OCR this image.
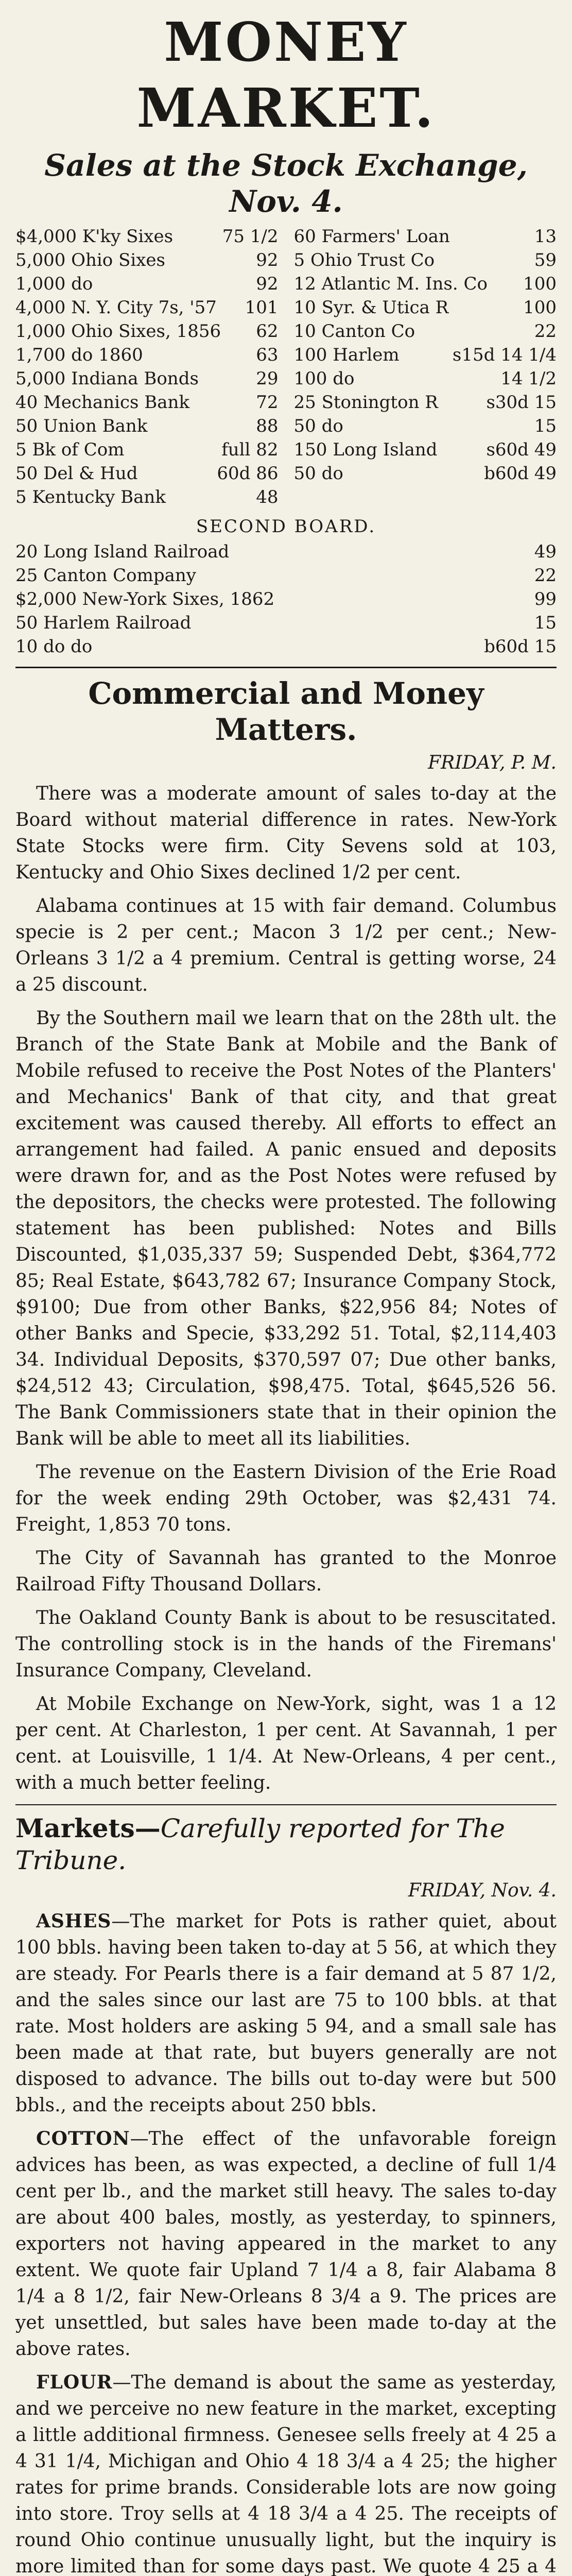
MONEY MARKET.
Sales at the Stock Exchange, Nov. 4.
$4,000 K'ky Sixes	75 1/2
5,000 Ohio Sixes	92
1,000 do	92
4,000 N. Y. City 7s, '57 101
1,000 Ohio Sixes, 1856 62
1,700 do 1860	63
5,000 Indiana Bonds	29
40 Mechanics Bank	72
50 Union Bank	88
5 Bk of Com	full 82
50 Del & Hud	60d 86
5 Kentucky Bank	48
60 Farmers' Loan	13
5 Ohio Trust Co	59
12 Atlantic M. Ins. Co 100
10 Syr. & Utica R	100
10 Canton Co	22
100 Harlem	s15d 14 1/4
100 do	14 1/2
25 Stonington R	s30d 15
50 do	15
150 Long Island	s60d 49
50 do	b60d 49
SECOND BOARD.
20 Long Island Railroad	49
25 Canton Company	22
$2,000 New-York Sixes, 1862	99
50 Harlem Railroad	15
10 do do	b60d 15
Commercial and Money Matters.
FRIDAY, P. M.

There was a moderate amount of sales to-day at the Board without material difference in rates. New-York State Stocks were firm. City Sevens sold at 103, Kentucky and Ohio Sixes declined 1/2 per cent.

Alabama continues at 15 with fair demand. Columbus specie is 2 per cent.; Macon 3 1/2 per cent.; New-Orleans 3 1/2 a 4 premium. Central is getting worse, 24 a 25 discount.

By the Southern mail we learn that on the 28th ult. the Branch of the State Bank at Mobile and the Bank of Mobile refused to receive the Post Notes of the Planters' and Mechanics' Bank of that city, and that great excitement was caused thereby. All efforts to effect an arrangement had failed. A panic ensued and deposits were drawn for, and as the Post Notes were refused by the depositors, the checks were protested. The following statement has been published: Notes and Bills Discounted, $1,035,337 59; Suspended Debt, $364,772 85; Real Estate, $643,782 67; Insurance Company Stock, $9100; Due from other Banks, $22,956 84; Notes of other Banks and Specie, $33,292 51. Total, $2,114,403 34. Individual Deposits, $370,597 07; Due other banks, $24,512 43; Circulation, $98,475. Total, $645,526 56. The Bank Commissioners state that in their opinion the Bank will be able to meet all its liabilities.

The revenue on the Eastern Division of the Erie Road for the week ending 29th October, was $2,431 74. Freight, 1,853 70 tons.

The City of Savannah has granted to the Monroe Railroad Fifty Thousand Dollars.

The Oakland County Bank is about to be resuscitated. The controlling stock is in the hands of the Firemans' Insurance Company, Cleveland.

At Mobile Exchange on New-York, sight, was 1 a 12 per cent. At Charleston, 1 per cent. At Savannah, 1 per cent. at Louisville, 1 1/4. At New-Orleans, 4 per cent., with a much better feeling.

Markets—Carefully reported for The Tribune.
FRIDAY, Nov. 4.

ASHES—The market for Pots is rather quiet, about 100 bbls. having been taken to-day at 5 56, at which they are steady. For Pearls there is a fair demand at 5 87 1/2, and the sales since our last are 75 to 100 bbls. at that rate. Most holders are asking 5 94, and a small sale has been made at that rate, but buyers generally are not disposed to advance. The bills out to-day were but 500 bbls., and the receipts about 250 bbls.

COTTON—The effect of the unfavorable foreign advices has been, as was expected, a decline of full 1/4 cent per lb., and the market still heavy. The sales to-day are about 400 bales, mostly, as yesterday, to spinners, exporters not having appeared in the market to any extent. We quote fair Upland 7 1/4 a 8, fair Alabama 8 1/4 a 8 1/2, fair New-Orleans 8 3/4 a 9. The prices are yet unsettled, but sales have been made to-day at the above rates.

FLOUR—The demand is about the same as yesterday, and we perceive no new feature in the market, excepting a little additional firmness. Genesee sells freely at 4 25 a 4 31 1/4, Michigan and Ohio 4 18 3/4 a 4 25; the higher rates for prime brands. Considerable lots are now going into store. Troy sells at 4 18 3/4 a 4 25. The receipts of round Ohio continue unusually light, but the inquiry is more limited than for some days past. We quote 4 25 a 4
